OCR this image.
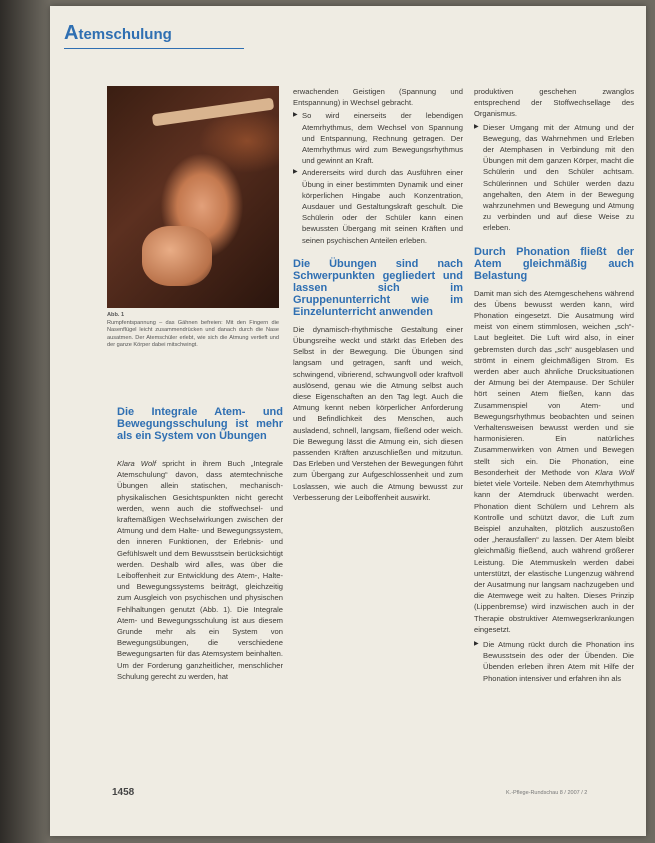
Atemschulung

Abb. 1
Rumpfentspannung – das Gähnen befreien: Mit den Fingern die Nasenflügel leicht zusammendrücken und danach durch die Nase ausatmen. Der Atemschüler erlebt, wie sich die Atmung vertieft und der ganze Körper dabei mitschwingt.

Die Integrale Atem- und Bewegungsschulung ist mehr als ein System von Übungen

Klara Wolf spricht in ihrem Buch „Integrale Atemschulung“ davon, dass atemtechnische Übungen allein statischen, mechanisch-physikalischen Gesichtspunkten nicht gerecht werden, wenn auch die stoffwechsel- und kraftemäßigen Wechselwirkungen zwischen der Atmung und dem Halte- und Bewegungssystem, den inneren Funktionen, der Erlebnis- und Gefühlswelt und dem Bewusstsein berücksichtigt werden. Deshalb wird alles, was über die Leiboffenheit zur Entwicklung des Atem-, Halte- und Bewegungssystems beiträgt, gleichzeitig zum Ausgleich von psychischen und physischen Fehlhaltungen genutzt (Abb. 1). Die Integrale Atem- und Bewegungsschulung ist aus diesem Grunde mehr als ein System von Bewegungsübungen, die verschiedene Bewegungsarten für das Atemsystem beinhalten. Um der Forderung ganzheitlicher, menschlicher Schulung gerecht zu werden, hat

erwachenden Geistigen (Spannung und Entspannung) in Wechsel gebracht.

▶ So wird einerseits der lebendigen Atemrhythmus, dem Wechsel von Spannung und Entspannung, Rechnung getragen. Der Atemrhythmus wird zum Bewegungsrhythmus und gewinnt an Kraft.
▶ Andererseits wird durch das Ausführen einer Übung in einer bestimmten Dynamik und einer körperlichen Hingabe auch Konzentration, Ausdauer und Gestaltungskraft geschult. Die Schülerin oder der Schüler kann einen bewussten Übergang mit seinen Kräften und seinen psychischen Anteilen erleben.
Die Übungen sind nach Schwerpunkten gegliedert und lassen sich im Gruppenunterricht wie im Einzelunterricht anwenden

Die dynamisch-rhythmische Gestaltung einer Übungsreihe weckt und stärkt das Erleben des Selbst in der Bewegung. Die Übungen sind langsam und getragen, sanft und weich, schwingend, vibrierend, schwungvoll oder kraftvoll auslösend, genau wie die Atmung selbst auch diese Eigenschaften an den Tag legt. Auch die Atmung kennt neben körperlicher Anforderung und Befindlichkeit des Menschen, auch ausladend, schnell, langsam, fließend oder weich. Die Bewegung lässt die Atmung ein, sich diesen passenden Kräften anzuschließen und mitzutun. Das Erleben und Verstehen der Bewegungen führt zum Übergang zur Aufgeschlossenheit und zum Loslassen, wie auch die Atmung bewusst zur Verbesserung der Leiboffenheit auswirkt.

produktiven geschehen zwanglos entsprechend der Stoffwechsellage des Organismus.

▶ Dieser Umgang mit der Atmung und der Bewegung, das Wahrnehmen und Erleben der Atemphasen in Verbindung mit den Übungen mit dem ganzen Körper, macht die Schülerin und den Schüler achtsam. Schülerinnen und Schüler werden dazu angehalten, den Atem in der Bewegung wahrzunehmen und Bewegung und Atmung zu verbinden und auf diese Weise zu erleben.
Durch Phonation fließt der Atem gleichmäßig auch Belastung

Damit man sich des Atemgeschehens während des Übens bewusst werden kann, wird Phonation eingesetzt. Die Ausatmung wird meist von einem stimmlosen, weichen „sch“-Laut begleitet. Die Luft wird also, in einer gebremsten durch das „sch“ ausgeblasen und strömt in einem gleichmäßigen Strom. Es werden aber auch ähnliche Drucksituationen der Atmung bei der Atempause. Der Schüler hört seinen Atem fließen, kann das Zusammenspiel von Atem- und Bewegungsrhythmus beobachten und seinen Verhaltensweisen bewusst werden und sie harmonisieren. Ein natürliches Zusammenwirken von Atmen und Bewegen stellt sich ein. Die Phonation, eine Besonderheit der Methode von Klara Wolf bietet viele Vorteile. Neben dem Atemrhythmus kann der Atemdruck überwacht werden. Phonation dient Schülern und Lehrern als Kontrolle und schützt davor, die Luft zum Beispiel anzuhalten, plötzlich auszustoßen oder „herausfallen“ zu lassen. Der Atem bleibt gleichmäßig fließend, auch während größerer Leistung. Die Atemmuskeln werden dabei unterstützt, der elastische Lungenzug während der Ausatmung nur langsam nachzugeben und die Atemwege weit zu halten. Dieses Prinzip (Lippenbremse) wird inzwischen auch in der Therapie obstruktiver Atemwegserkrankungen eingesetzt.

▶ Die Atmung rückt durch die Phonation ins Bewusstsein des oder der Übenden. Die Übenden erleben ihren Atem mit Hilfe der Phonation intensiver und erfahren ihn als
1458	K.-Pflege-Rundschau 8 / 2007 / 2
